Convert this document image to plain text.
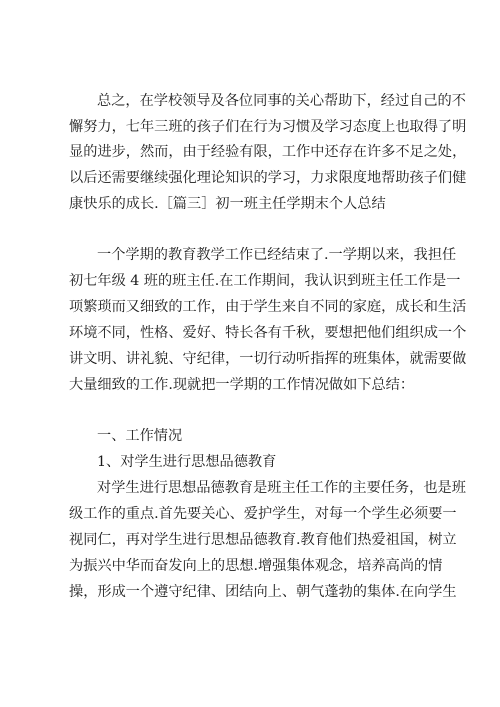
总之，在学校领导及各位同事的关心帮助下，经过自己的不
懈努力，七年三班的孩子们在行为习惯及学习态度上也取得了明
显的进步，然而，由于经验有限，工作中还存在许多不足之处，
以后还需要继续强化理论知识的学习，力求限度地帮助孩子们健
康快乐的成长.［篇三］初一班主任学期末个人总结
一个学期的教育教学工作已经结束了.一学期以来，我担任
初七年级 4 班的班主任.在工作期间，我认识到班主任工作是一
项繁琐而又细致的工作，由于学生来自不同的家庭，成长和生活
环境不同，性格、爱好、特长各有千秋，要想把他们组织成一个
讲文明、讲礼貌、守纪律，一切行动听指挥的班集体，就需要做
大量细致的工作.现就把一学期的工作情况做如下总结：
一、工作情况
1、对学生进行思想品德教育
对学生进行思想品德教育是班主任工作的主要任务，也是班
级工作的重点.首先要关心、爱护学生，对每一个学生必须要一
视同仁，再对学生进行思想品德教育.教育他们热爱祖国，树立
为振兴中华而奋发向上的思想.增强集体观念，培养高尚的情
操，形成一个遵守纪律、团结向上、朝气蓬勃的集体.在向学生
